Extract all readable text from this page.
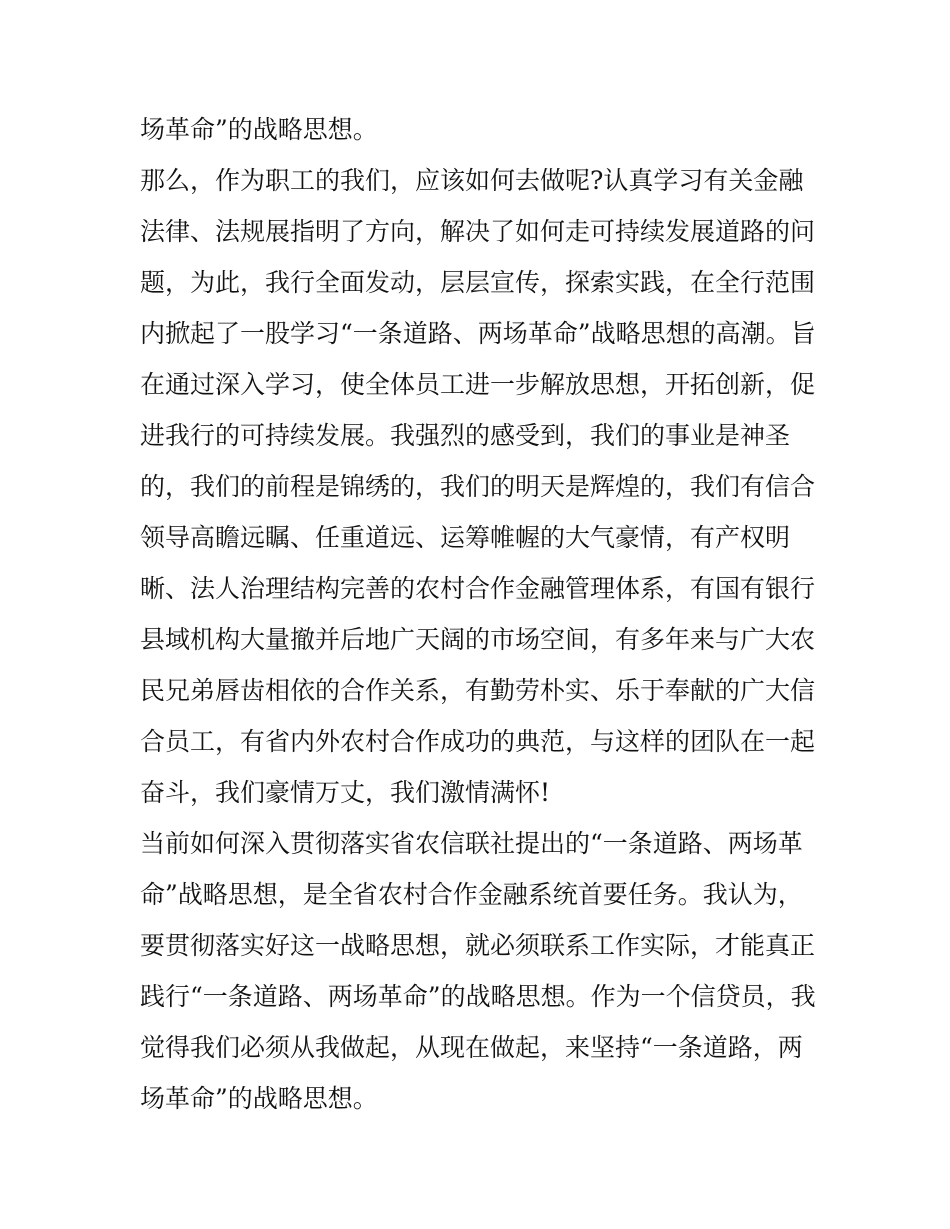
场革命”的战略思想。
那么，作为职工的我们，应该如何去做呢?认真学习有关金融
法律、法规展指明了方向，解决了如何走可持续发展道路的问
题，为此，我行全面发动，层层宣传，探索实践，在全行范围
内掀起了一股学习“一条道路、两场革命”战略思想的高潮。旨
在通过深入学习，使全体员工进一步解放思想，开拓创新，促
进我行的可持续发展。我强烈的感受到，我们的事业是神圣
的，我们的前程是锦绣的，我们的明天是辉煌的，我们有信合
领导高瞻远瞩、任重道远、运筹帷幄的大气豪情，有产权明
晰、法人治理结构完善的农村合作金融管理体系，有国有银行
县域机构大量撤并后地广天阔的市场空间，有多年来与广大农
民兄弟唇齿相依的合作关系，有勤劳朴实、乐于奉献的广大信
合员工，有省内外农村合作成功的典范，与这样的团队在一起
奋斗，我们豪情万丈，我们激情满怀!
当前如何深入贯彻落实省农信联社提出的“一条道路、两场革
命”战略思想，是全省农村合作金融系统首要任务。我认为，
要贯彻落实好这一战略思想，就必须联系工作实际，才能真正
践行“一条道路、两场革命”的战略思想。作为一个信贷员，我
觉得我们必须从我做起，从现在做起，来坚持“一条道路，两
场革命”的战略思想。
